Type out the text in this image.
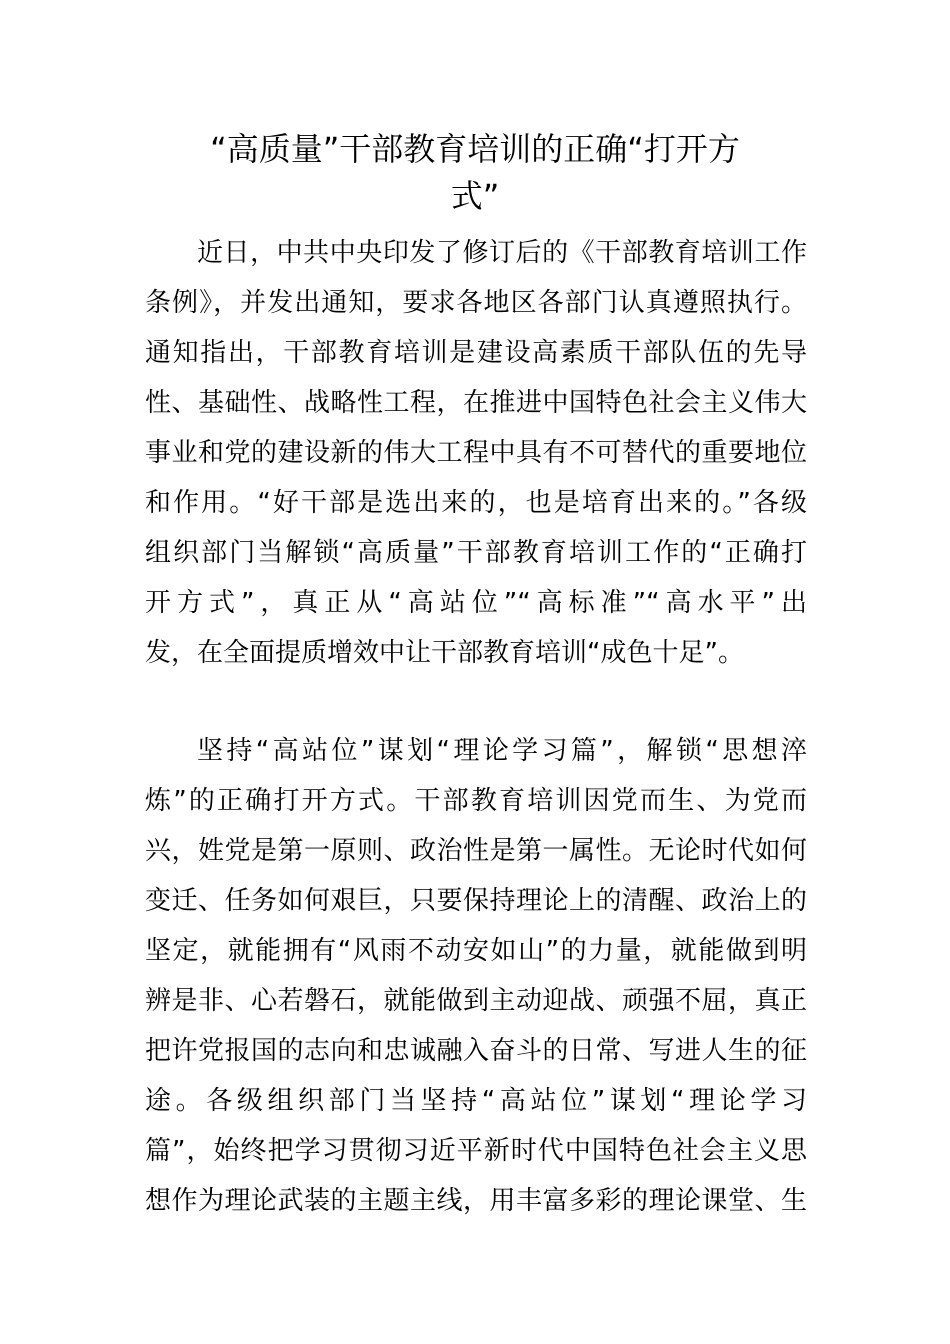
“高质量”干部教育培训的正确“打开方
式”
近日，中共中央印发了修订后的《干部教育培训工作
条例》，并发出通知，要求各地区各部门认真遵照执行。
通知指出，干部教育培训是建设高素质干部队伍的先导
性、基础性、战略性工程，在推进中国特色社会主义伟大
事业和党的建设新的伟大工程中具有不可替代的重要地位
和作用。“好干部是选出来的，也是培育出来的。”各级
组织部门当解锁“高质量”干部教育培训工作的“正确打
开方式”，真正从“高站位”“高标准”“高水平”出
发，在全面提质增效中让干部教育培训“成色十足”。
坚持“高站位”谋划“理论学习篇”，解锁“思想淬
炼”的正确打开方式。干部教育培训因党而生、为党而
兴，姓党是第一原则、政治性是第一属性。无论时代如何
变迁、任务如何艰巨，只要保持理论上的清醒、政治上的
坚定，就能拥有“风雨不动安如山”的力量，就能做到明
辨是非、心若磐石，就能做到主动迎战、顽强不屈，真正
把许党报国的志向和忠诚融入奋斗的日常、写进人生的征
途。各级组织部门当坚持“高站位”谋划“理论学习
篇”，始终把学习贯彻习近平新时代中国特色社会主义思
想作为理论武装的主题主线，用丰富多彩的理论课堂、生
